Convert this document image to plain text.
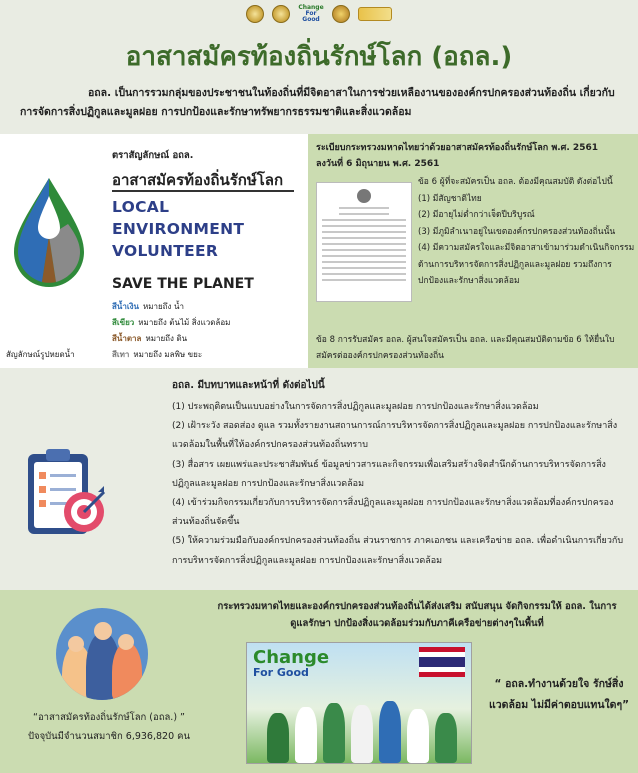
Change
For Good
อาสาสมัครท้องถิ่นรักษ์โลก (อถล.)

อถล. เป็นการรวมกลุ่มของประชาชนในท้องถิ่นที่มีจิตอาสาในการช่วยเหลืองานขององค์กรปกครองส่วนท้องถิ่น เกี่ยวกับการจัดการสิ่งปฏิกูลและมูลฝอย การปกป้องและรักษาทรัพยากรธรรมชาติและสิ่งแวดล้อม

สัญลักษณ์รูปหยดน้ำ
ตราสัญลักษณ์ อถล.
อาสาสมัครท้องถิ่นรักษ์โลก
LOCAL
ENVIRONMENT
VOLUNTEER
SAVE THE PLANET
สีน้ำเงิน หมายถึง น้ำ
สีเขียว หมายถึง ต้นไม้ สิ่งแวดล้อม
สีน้ำตาล หมายถึง ดิน
สีเทา หมายถึง มลพิษ ขยะ
ระเบียบกระทรวงมหาดไทยว่าด้วยอาสาสมัครท้องถิ่นรักษ์โลก พ.ศ. 2561
ลงวันที่ 6 มิถุนายน พ.ศ. 2561
ข้อ 6 ผู้ที่จะสมัครเป็น อถล. ต้องมีคุณสมบัติ ดังต่อไปนี้
(1) มีสัญชาติไทย
(2) มีอายุไม่ต่ำกว่าเจ็ดปีบริบูรณ์
(3) มีภูมิลำเนาอยู่ในเขตองค์กรปกครองส่วนท้องถิ่นนั้น
(4) มีความสมัครใจและมีจิตอาสาเข้ามาร่วมดำเนินกิจกรรมด้านการบริหารจัดการสิ่งปฏิกูลและมูลฝอย รวมถึงการปกป้องและรักษาสิ่งแวดล้อม
ข้อ 8 การรับสมัคร อถล. ผู้สนใจสมัครเป็น อถล. และมีคุณสมบัติตามข้อ 6 ให้ยื่นใบสมัครต่อองค์กรปกครองส่วนท้องถิ่น
อถล. มีบทบาทและหน้าที่ ดังต่อไปนี้
(1) ประพฤติตนเป็นแบบอย่างในการจัดการสิ่งปฏิกูลและมูลฝอย การปกป้องและรักษาสิ่งแวดล้อม
(2) เฝ้าระวัง สอดส่อง ดูแล รวมทั้งรายงานสถานการณ์การบริหารจัดการสิ่งปฏิกูลและมูลฝอย การปกป้องและรักษาสิ่งแวดล้อมในพื้นที่ให้องค์กรปกครองส่วนท้องถิ่นทราบ
(3) สื่อสาร เผยแพร่และประชาสัมพันธ์ ข้อมูลข่าวสารและกิจกรรมเพื่อเสริมสร้างจิตสำนึกด้านการบริหารจัดการสิ่งปฏิกูลและมูลฝอย การปกป้องและรักษาสิ่งแวดล้อม
(4) เข้าร่วมกิจกรรมเกี่ยวกับการบริหารจัดการสิ่งปฏิกูลและมูลฝอย การปกป้องและรักษาสิ่งแวดล้อมที่องค์กรปกครองส่วนท้องถิ่นจัดขึ้น
(5) ให้ความร่วมมือกับองค์กรปกครองส่วนท้องถิ่น ส่วนราชการ ภาคเอกชน และเครือข่าย อถล. เพื่อดำเนินการเกี่ยวกับการบริหารจัดการสิ่งปฏิกูลและมูลฝอย การปกป้องและรักษาสิ่งแวดล้อม
กระทรวงมหาดไทยและองค์กรปกครองส่วนท้องถิ่นได้ส่งเสริม สนับสนุน จัดกิจกรรมให้ อถล. ในการดูแลรักษา ปกป้องสิ่งแวดล้อมร่วมกับภาคีเครือข่ายต่างๆในพื้นที่
“อาสาสมัครท้องถิ่นรักษ์โลก (อถล.) ”
ปัจจุบันมีจำนวนสมาชิก 6,936,820 คน
Change
For Good
“ อถล.ทำงานด้วยใจ รักษ์สิ่งแวดล้อม ไม่มีค่าตอบแทนใดๆ”
